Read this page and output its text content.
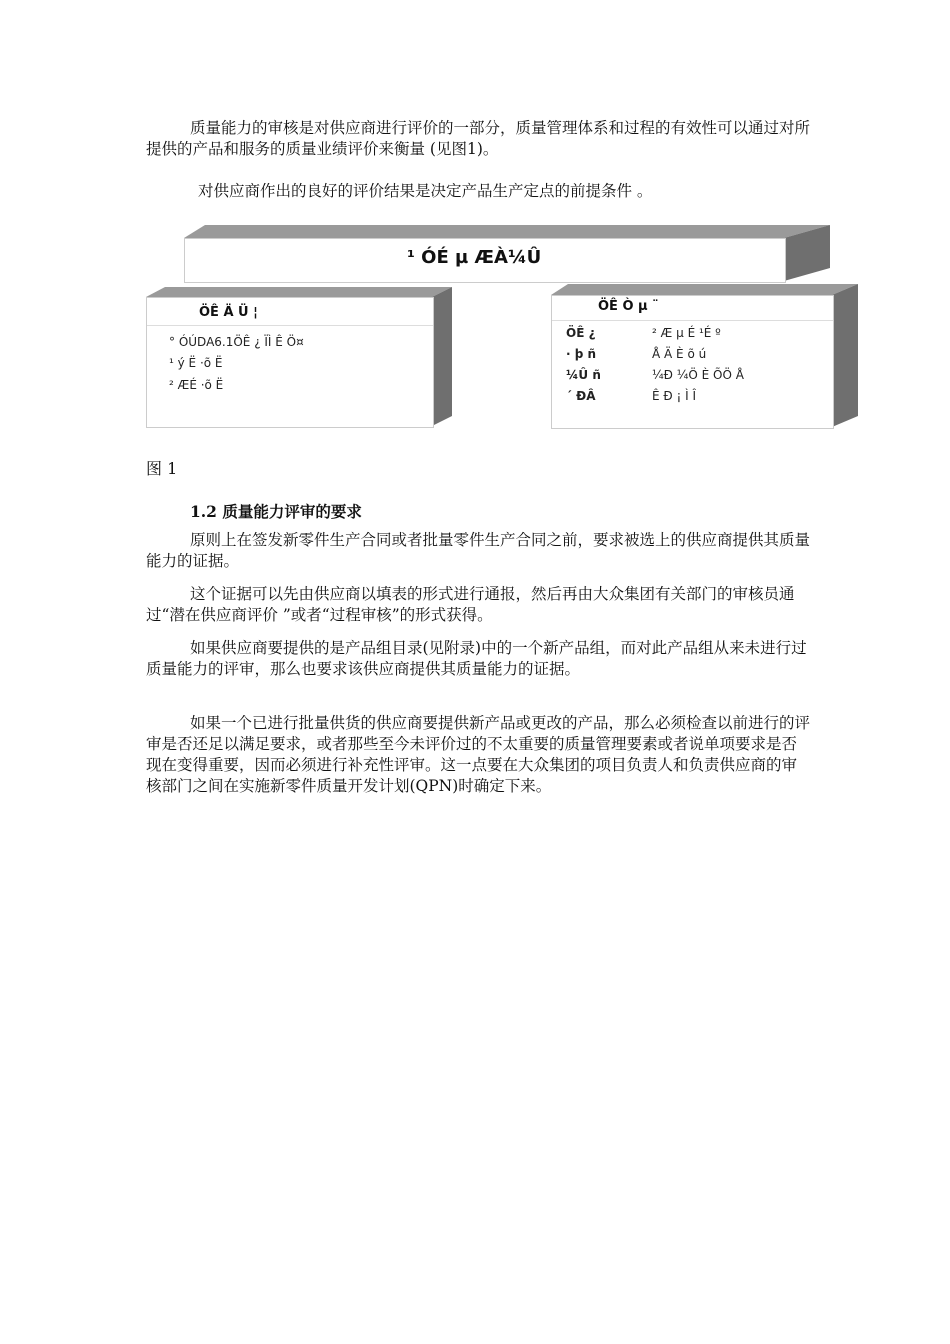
质量能力的审核是对供应商进行评价的一部分，质量管理体系和过程的有效性可以通过对所提供的产品和服务的质量业绩评价来衡量 (见图1)。

对供应商作出的良好的评价结果是决定产品生产定点的前提条件 。

¹ ÓÉ µ ÆÀ¼Û
ÖÊ Ä Ü ¦
° ÓÚDA6.1ÖÊ ¿ ÏÌ Ê Ö¤
¹ ý Ë ·õ Ë
² ÆÉ ·õ Ë
ÖÊ Ò µ ¨
ÖÊ ¿	² Æ µ É ¹É º
· þ ñ	Å Ä È õ ú
¼Û ñ	¼Ð ¼Ö È ÕÖ Å
´ ÐÂ	Ê Ð ¡ Ì Î
图 1
1.2 质量能力评审的要求

原则上在签发新零件生产合同或者批量零件生产合同之前，要求被选上的供应商提供其质量能力的证据。

这个证据可以先由供应商以填表的形式进行通报，然后再由大众集团有关部门的审核员通过“潜在供应商评价 ”或者“过程审核”的形式获得。

如果供应商要提供的是产品组目录(见附录)中的一个新产品组，而对此产品组从来未进行过质量能力的评审，那么也要求该供应商提供其质量能力的证据。

如果一个已进行批量供货的供应商要提供新产品或更改的产品，那么必须检查以前进行的评审是否还足以满足要求，或者那些至今未评价过的不太重要的质量管理要素或者说单项要求是否现在变得重要，因而必须进行补充性评审。这一点要在大众集团的项目负责人和负责供应商的审核部门之间在实施新零件质量开发计划(QPN)时确定下来。
